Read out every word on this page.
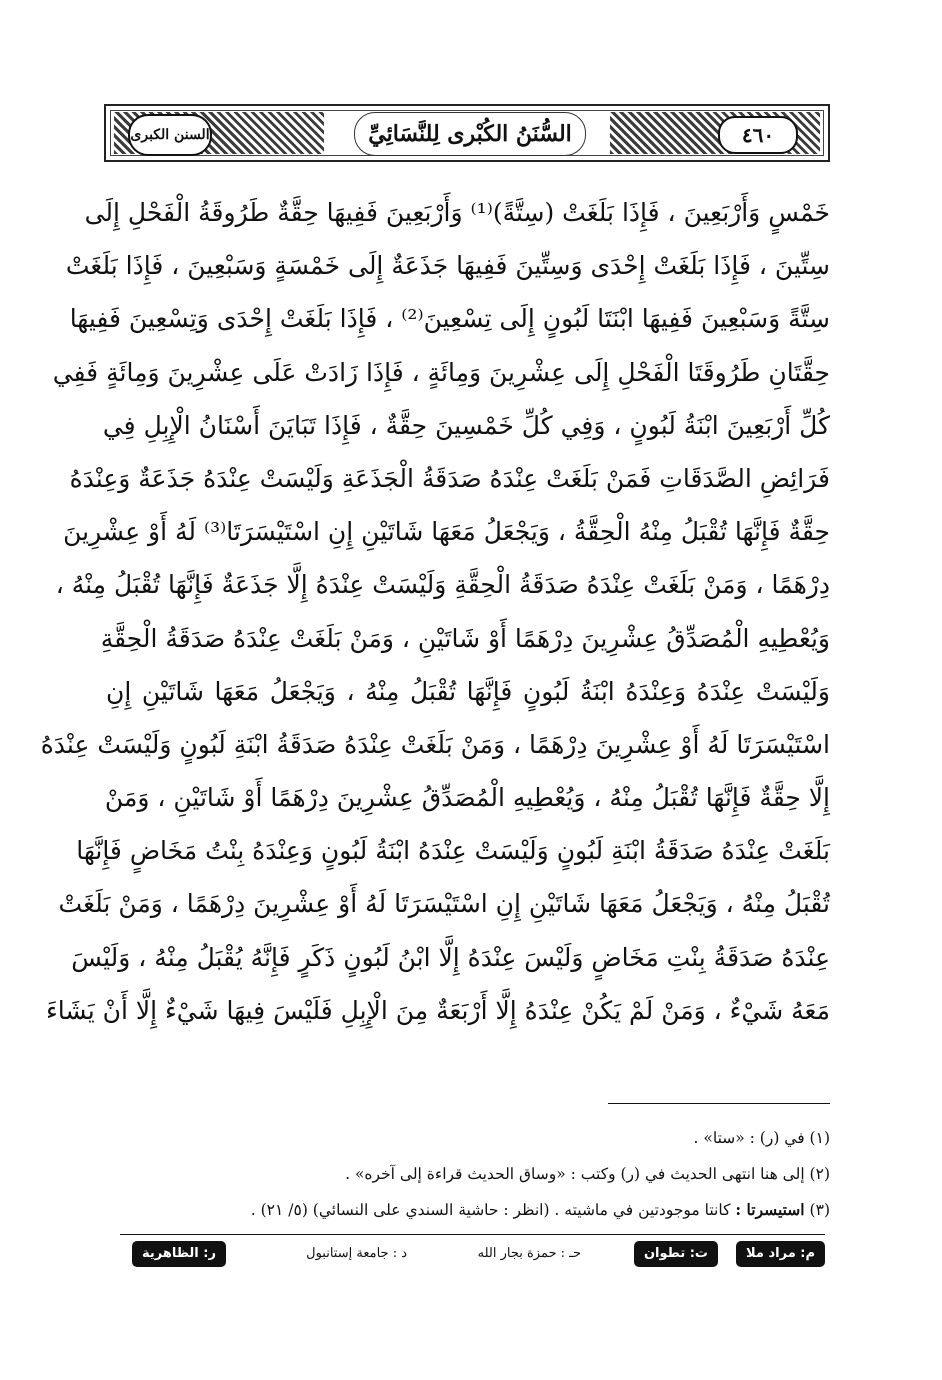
السنن الكبرى	السُّنَنُ الكُبْرى لِلنَّسَائِيِّ	٤٦٠
خَمْسٍ وَأَرْبَعِينَ ، فَإِذَا بَلَغَتْ (سِتَّةً)⁽¹⁾ وَأَرْبَعِينَ فَفِيهَا حِقَّةٌ طَرُوقَةُ الْفَحْلِ إِلَى
سِتِّينَ ، فَإِذَا بَلَغَتْ إِحْدَى وَسِتِّينَ فَفِيهَا جَذَعَةٌ إِلَى خَمْسَةٍ وَسَبْعِينَ ، فَإِذَا بَلَغَتْ
سِتَّةً وَسَبْعِينَ فَفِيهَا ابْنَتَا لَبُونٍ إِلَى تِسْعِينَ⁽²⁾ ، فَإِذَا بَلَغَتْ إِحْدَى وَتِسْعِينَ فَفِيهَا
حِقَّتَانِ طَرُوقَتَا الْفَحْلِ إِلَى عِشْرِينَ وَمِائَةٍ ، فَإِذَا زَادَتْ عَلَى عِشْرِينَ وَمِائَةٍ فَفِي
كُلِّ أَرْبَعِينَ ابْنَةُ لَبُونٍ ، وَفِي كُلِّ خَمْسِينَ حِقَّةٌ ، فَإِذَا تَبَايَنَ أَسْنَانُ الْإِبِلِ فِي
فَرَائِضِ الصَّدَقَاتِ فَمَنْ بَلَغَتْ عِنْدَهُ صَدَقَةُ الْجَذَعَةِ وَلَيْسَتْ عِنْدَهُ جَذَعَةٌ وَعِنْدَهُ
حِقَّةٌ فَإِنَّهَا تُقْبَلُ مِنْهُ الْحِقَّةُ ، وَيَجْعَلُ مَعَهَا شَاتَيْنِ إِنِ اسْتَيْسَرَتَا⁽³⁾ لَهُ أَوْ عِشْرِينَ
دِرْهَمًا ، وَمَنْ بَلَغَتْ عِنْدَهُ صَدَقَةُ الْحِقَّةِ وَلَيْسَتْ عِنْدَهُ إِلَّا جَذَعَةٌ فَإِنَّهَا تُقْبَلُ مِنْهُ ،
وَيُعْطِيهِ الْمُصَدِّقُ عِشْرِينَ دِرْهَمًا أَوْ شَاتَيْنِ ، وَمَنْ بَلَغَتْ عِنْدَهُ صَدَقَةُ الْحِقَّةِ
وَلَيْسَتْ عِنْدَهُ وَعِنْدَهُ ابْنَةُ لَبُونٍ فَإِنَّهَا تُقْبَلُ مِنْهُ ، وَيَجْعَلُ مَعَهَا شَاتَيْنِ إِنِ
اسْتَيْسَرَتَا لَهُ أَوْ عِشْرِينَ دِرْهَمًا ، وَمَنْ بَلَغَتْ عِنْدَهُ صَدَقَةُ ابْنَةِ لَبُونٍ وَلَيْسَتْ عِنْدَهُ
إِلَّا حِقَّةٌ فَإِنَّهَا تُقْبَلُ مِنْهُ ، وَيُعْطِيهِ الْمُصَدِّقُ عِشْرِينَ دِرْهَمًا أَوْ شَاتَيْنِ ، وَمَنْ
بَلَغَتْ عِنْدَهُ صَدَقَةُ ابْنَةِ لَبُونٍ وَلَيْسَتْ عِنْدَهُ ابْنَةُ لَبُونٍ وَعِنْدَهُ بِنْتُ مَخَاضٍ فَإِنَّهَا
تُقْبَلُ مِنْهُ ، وَيَجْعَلُ مَعَهَا شَاتَيْنِ إِنِ اسْتَيْسَرَتَا لَهُ أَوْ عِشْرِينَ دِرْهَمًا ، وَمَنْ بَلَغَتْ
عِنْدَهُ صَدَقَةُ بِنْتِ مَخَاضٍ وَلَيْسَ عِنْدَهُ إِلَّا ابْنُ لَبُونٍ ذَكَرٍ فَإِنَّهُ يُقْبَلُ مِنْهُ ، وَلَيْسَ
مَعَهُ شَيْءٌ ، وَمَنْ لَمْ يَكُنْ عِنْدَهُ إِلَّا أَرْبَعَةٌ مِنَ الْإِبِلِ فَلَيْسَ فِيهَا شَيْءٌ إِلَّا أَنْ يَشَاءَ
(١) في (ر) : «ستا» .
(٢) إلى هنا انتهى الحديث في (ر) وكتب : «وساق الحديث قراءة إلى آخره» .
(٣) استيسرتا : كانتا موجودتين في ماشيته . (انظر : حاشية السندي على النسائي) (٥/ ٢١) .
م: مراد ملا
ت: تطوان
حـ : حمزة بجار الله
د : جامعة إستانبول
ر: الظاهرية
